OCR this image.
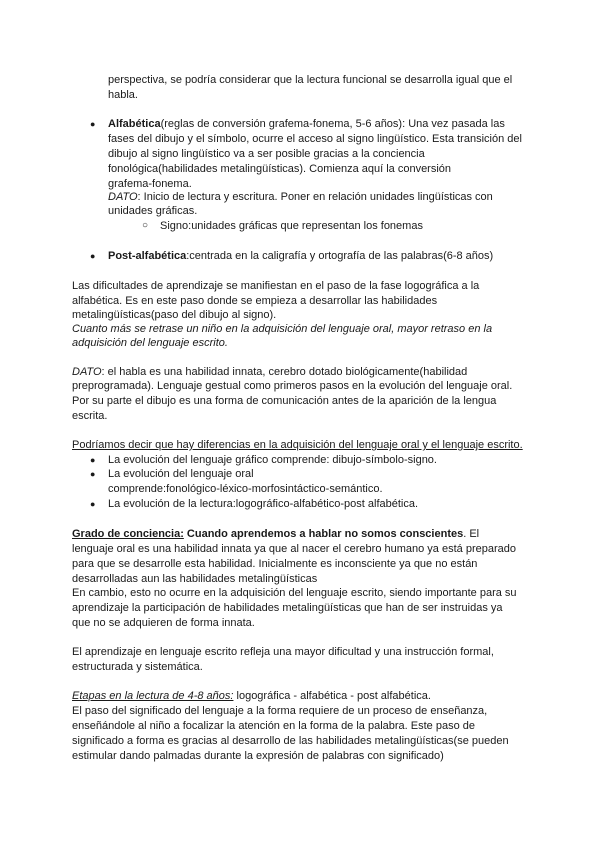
perspectiva, se podría considerar que la lectura funcional se desarrolla igual que el
habla.
● Alfabética(reglas de conversión grafema-fonema, 5-6 años): Una vez pasada las
fases del dibujo y el símbolo, ocurre el acceso al signo lingüístico. Esta transición del
dibujo al signo lingüístico va a ser posible gracias a la conciencia
fonológica(habilidades metalingüísticas). Comienza aquí la conversión
grafema-fonema.
DATO: Inicio de lectura y escritura. Poner en relación unidades lingüísticas con
unidades gráficas.
○ Signo:unidades gráficas que representan los fonemas
● Post-alfabética:centrada en la caligrafía y ortografía de las palabras(6-8 años)
Las dificultades de aprendizaje se manifiestan en el paso de la fase logográfica a la
alfabética. Es en este paso donde se empieza a desarrollar las habilidades
metalingüísticas(paso del dibujo al signo).
Cuanto más se retrase un niño en la adquisición del lenguaje oral, mayor retraso en la
adquisición del lenguaje escrito.
DATO: el habla es una habilidad innata, cerebro dotado biológicamente(habilidad
preprogramada). Lenguaje gestual como primeros pasos en la evolución del lenguaje oral.
Por su parte el dibujo es una forma de comunicación antes de la aparición de la lengua
escrita.
Podríamos decir que hay diferencias en la adquisición del lenguaje oral y el lenguaje escrito.
● La evolución del lenguaje gráfico comprende: dibujo-símbolo-signo.
● La evolución del lenguaje oral
comprende:fonológico-léxico-morfosintáctico-semántico.
● La evolución de la lectura:logográfico-alfabético-post alfabética.
Grado de conciencia: Cuando aprendemos a hablar no somos conscientes. El
lenguaje oral es una habilidad innata ya que al nacer el cerebro humano ya está preparado
para que se desarrolle esta habilidad. Inicialmente es inconsciente ya que no están
desarrolladas aun las habilidades metalingüísticas
En cambio, esto no ocurre en la adquisición del lenguaje escrito, siendo importante para su
aprendizaje la participación de habilidades metalingüísticas que han de ser instruidas ya
que no se adquieren de forma innata.
El aprendizaje en lenguaje escrito refleja una mayor dificultad y una instrucción formal,
estructurada y sistemática.
Etapas en la lectura de 4-8 años: logográfica - alfabética - post alfabética.
El paso del significado del lenguaje a la forma requiere de un proceso de enseñanza,
enseñándole al niño a focalizar la atención en la forma de la palabra. Este paso de
significado a forma es gracias al desarrollo de las habilidades metalingüísticas(se pueden
estimular dando palmadas durante la expresión de palabras con significado)
